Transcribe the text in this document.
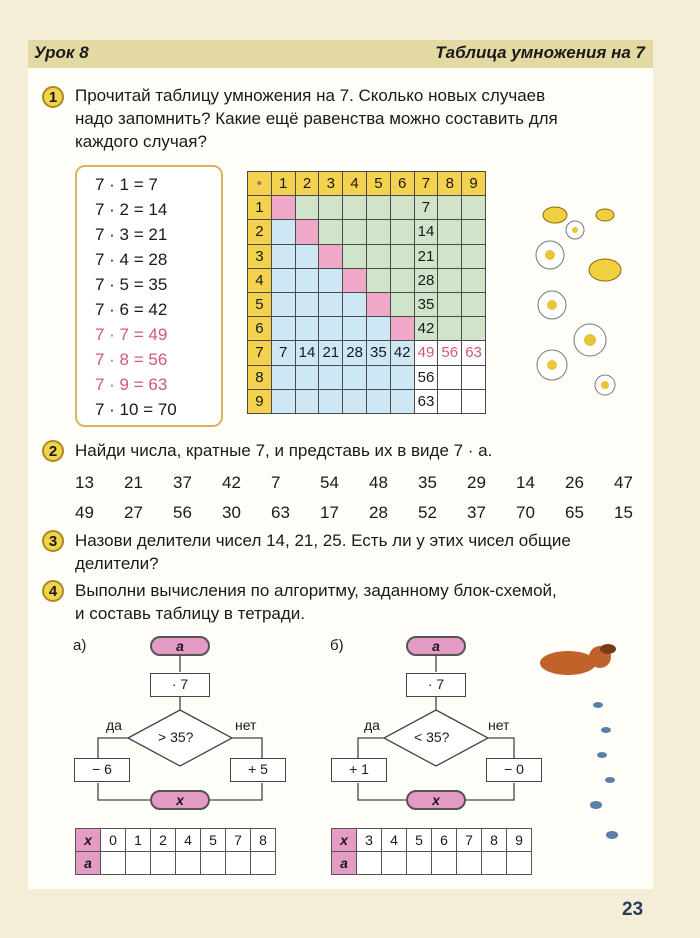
Урок 8	Таблица умножения на 7
1	Прочитай таблицу умножения на 7. Сколько новых случаев
надо запомнить? Какие ещё равенства можно составить для
каждого случая?
7 · 1 = 7
7 · 2 = 14
7 · 3 = 21
7 · 4 = 28
7 · 5 = 35
7 · 6 = 42
7 · 7 = 49
7 · 8 = 56
7 · 9 = 63
7 · 10 = 70
•	1	2	3	4	5	6	7	8	9
1							7		
2							14		
3							21		
4							28		
5							35		
6							42		
7	7	14	21	28	35	42	49	56	63
8							56		
9							63		
2	Найди числа, кратные 7, и представь их в виде 7 · a.
3	Назови делители чисел 14, 21, 25. Есть ли у этих чисел общие
делители?
4	Выполни вычисления по алгоритму, заданному блок-схемой,
и составь таблицу в тетради.
а)	a
· 7
> 35?
да	нет
− 6	+ 5
x
x	0	1	2	4	5	7	8
a							
б)	a
· 7
< 35?
да	нет
+ 1	− 0
x
x	3	4	5	6	7	8	9
a							
23
13 21 37 42 7 54 48 35 29 14 26 47
49 27 56 30 63 17 28 52 37 70 65 15
